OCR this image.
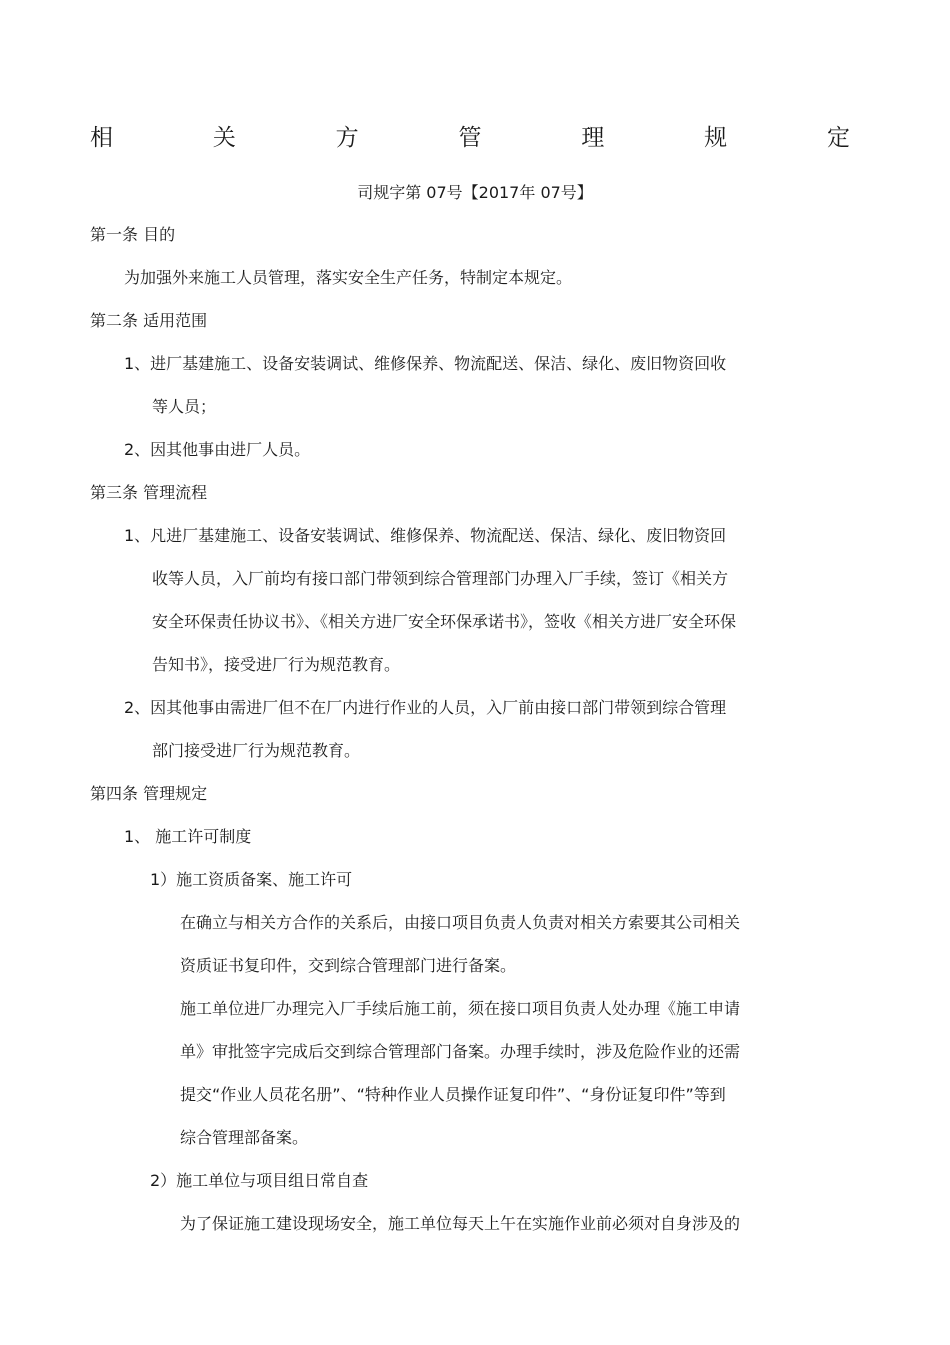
相	关	方	管	理	规	定
司规字第 07号【2017年 07号】
第一条 目的
为加强外来施工人员管理，落实安全生产任务，特制定本规定。
第二条 适用范围
1、进厂基建施工、设备安装调试、维修保养、物流配送、保洁、绿化、废旧物资回收
等人员；
2、因其他事由进厂人员。
第三条 管理流程
1、凡进厂基建施工、设备安装调试、维修保养、物流配送、保洁、绿化、废旧物资回
收等人员，入厂前均有接口部门带领到综合管理部门办理入厂手续，签订《相关方
安全环保责任协议书》、《相关方进厂安全环保承诺书》，签收《相关方进厂安全环保
告知书》，接受进厂行为规范教育。
2、因其他事由需进厂但不在厂内进行作业的人员，入厂前由接口部门带领到综合管理
部门接受进厂行为规范教育。
第四条 管理规定
1、 施工许可制度
1）施工资质备案、施工许可
在确立与相关方合作的关系后，由接口项目负责人负责对相关方索要其公司相关
资质证书复印件，交到综合管理部门进行备案。
施工单位进厂办理完入厂手续后施工前，须在接口项目负责人处办理《施工申请
单》审批签字完成后交到综合管理部门备案。办理手续时，涉及危险作业的还需
提交“作业人员花名册”、“特种作业人员操作证复印件”、“身份证复印件”等到
综合管理部备案。
2）施工单位与项目组日常自查
为了保证施工建设现场安全，施工单位每天上午在实施作业前必须对自身涉及的
